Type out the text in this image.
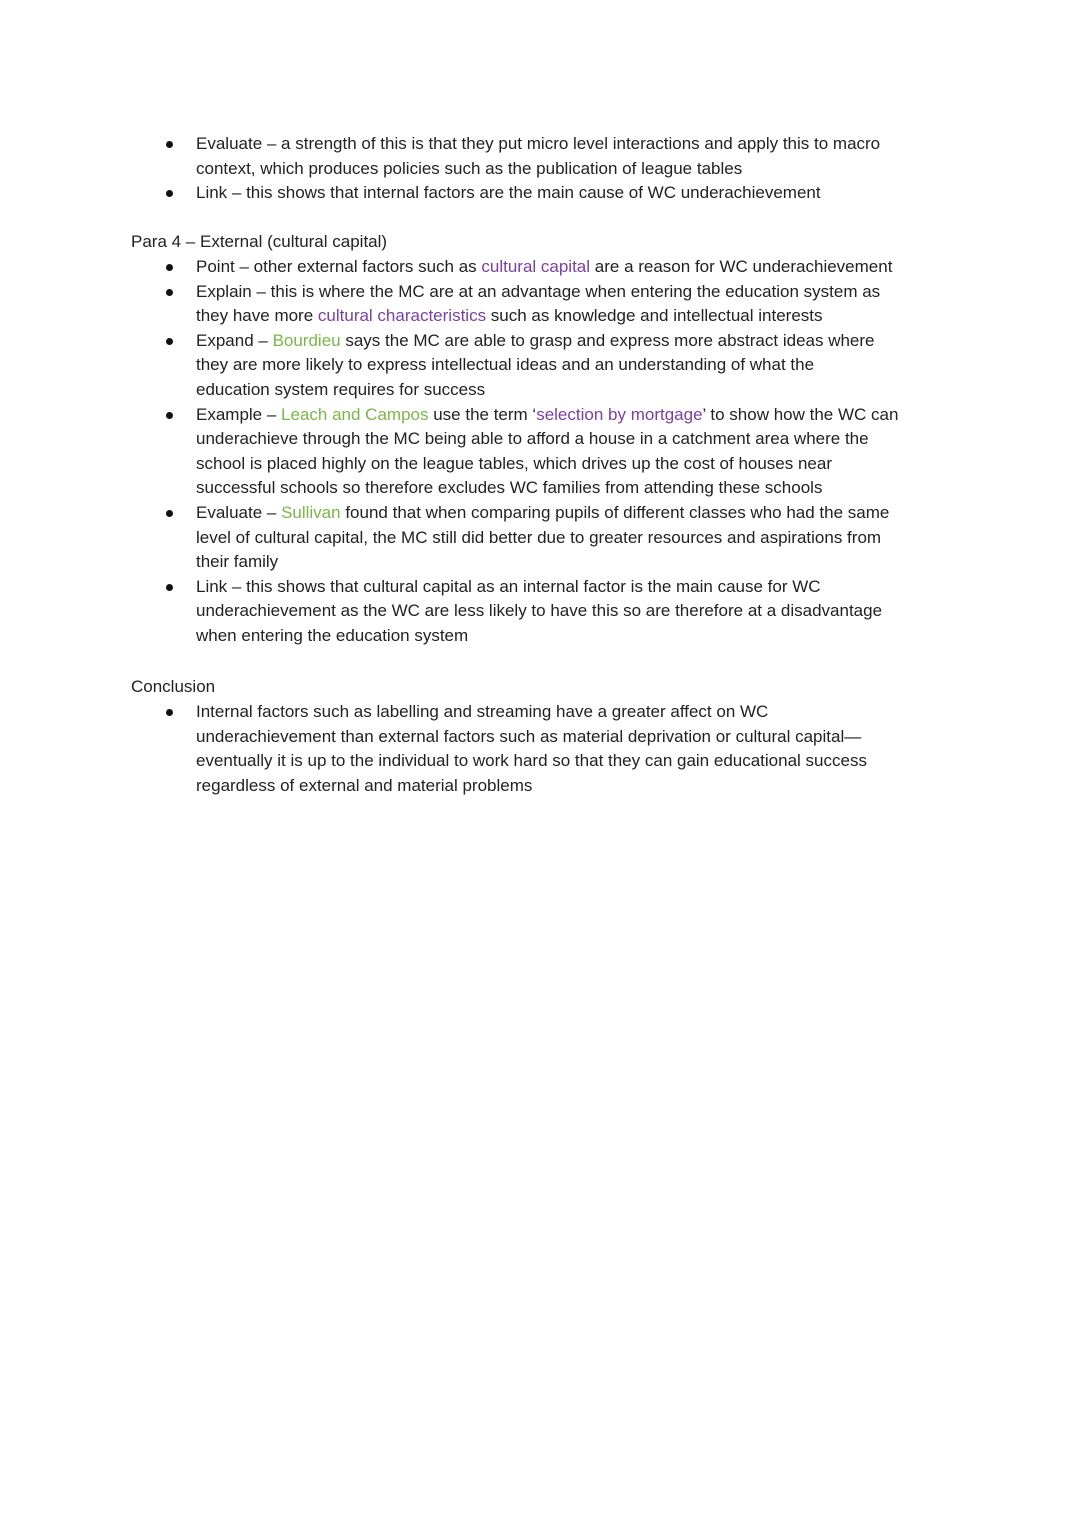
Evaluate – a strength of this is that they put micro level interactions and apply this to macro
context, which produces policies such as the publication of league tables
Link – this shows that internal factors are the main cause of WC underachievement
Para 4 – External (cultural capital)
Point – other external factors such as cultural capital are a reason for WC underachievement
Explain – this is where the MC are at an advantage when entering the education system as
they have more cultural characteristics such as knowledge and intellectual interests
Expand – Bourdieu says the MC are able to grasp and express more abstract ideas where
they are more likely to express intellectual ideas and an understanding of what the
education system requires for success
Example – Leach and Campos use the term ‘selection by mortgage’ to show how the WC can
underachieve through the MC being able to afford a house in a catchment area where the
school is placed highly on the league tables, which drives up the cost of houses near
successful schools so therefore excludes WC families from attending these schools
Evaluate – Sullivan found that when comparing pupils of different classes who had the same
level of cultural capital, the MC still did better due to greater resources and aspirations from
their family
Link – this shows that cultural capital as an internal factor is the main cause for WC
underachievement as the WC are less likely to have this so are therefore at a disadvantage
when entering the education system
Conclusion
Internal factors such as labelling and streaming have a greater affect on WC
underachievement than external factors such as material deprivation or cultural capital—
eventually it is up to the individual to work hard so that they can gain educational success
regardless of external and material problems
